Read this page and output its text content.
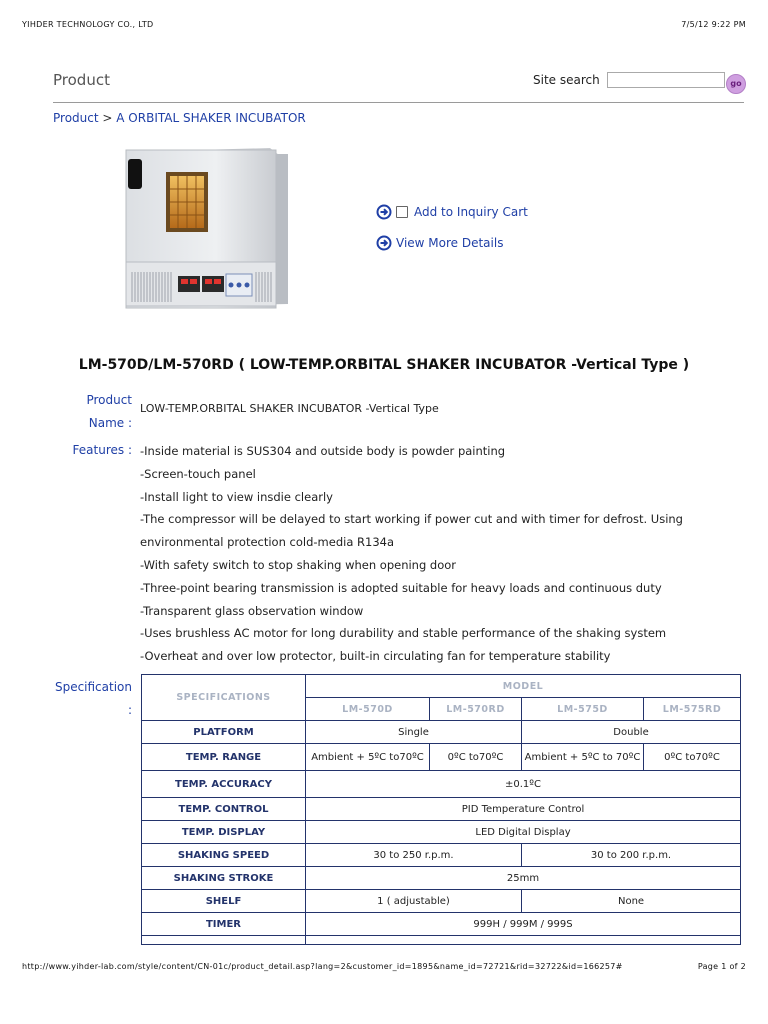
YIHDER TECHNOLOGY CO., LTD	7/5/12 9:22 PM
Product	Site search	go
Product > A ORBITAL SHAKER INCUBATOR
Add to Inquiry Cart
View More Details
LM-570D/LM-570RD ( LOW-TEMP.ORBITAL SHAKER INCUBATOR -Vertical Type )
Product
Name :
LOW-TEMP.ORBITAL SHAKER INCUBATOR -Vertical Type
Features : -Inside material is SUS304 and outside body is powder painting
-Screen-touch panel
-Install light to view insdie clearly
-The compressor will be delayed to start working if power cut and with timer for defrost. Using
environmental protection cold-media R134a
-With safety switch to stop shaking when opening door
-Three-point bearing transmission is adopted suitable for heavy loads and continuous duty
-Transparent glass observation window
-Uses brushless AC motor for long durability and stable performance of the shaking system
-Overheat and over low protector, built-in circulating fan for temperature stability
Specification
:
SPECIFICATIONS	MODEL			
	LM-570D	LM-570RD	LM-575D	LM-575RD
PLATFORM	Single		Double	
TEMP. RANGE	Ambient + 5ºC to70ºC	0ºC to70ºC	Ambient + 5ºC to 70ºC	0ºC to70ºC
TEMP. ACCURACY	±0.1ºC			
TEMP. CONTROL	PID Temperature Control			
TEMP. DISPLAY	LED Digital Display			
SHAKING SPEED	30 to 250 r.p.m.		30 to 200 r.p.m.	
SHAKING STROKE	25mm			
SHELF	1 ( adjustable)		None	
TIMER	999H / 999M / 999S			

http://www.yihder-lab.com/style/content/CN-01c/product_detail.asp?lang=2&customer_id=1895&name_id=72721&rid=32722&id=166257#	Page 1 of 2
